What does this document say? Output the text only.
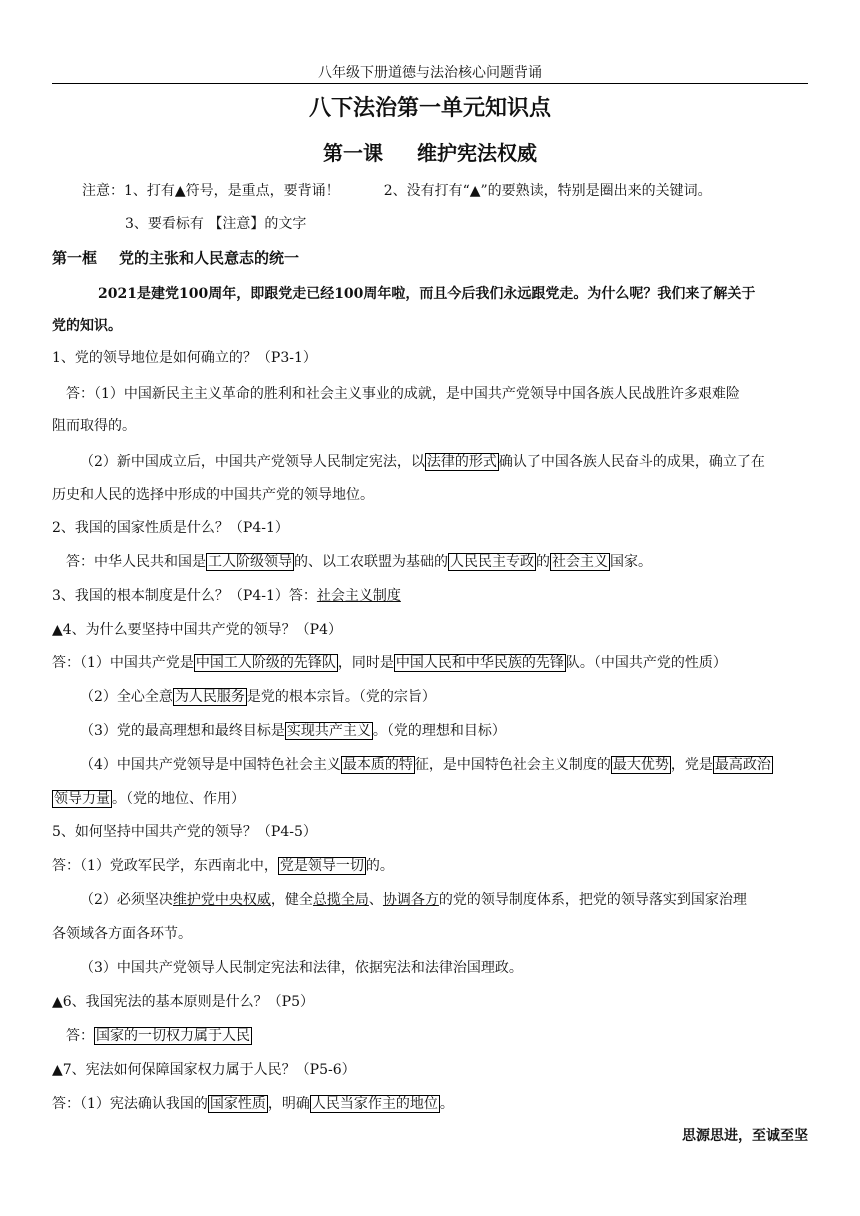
八年级下册道德与法治核心问题背诵
八下法治第一单元知识点
第一课 维护宪法权威
注意：1、打有▲符号，是重点，要背诵！	2、没有打有“▲”的要熟读，特别是圈出来的关键词。
3、要看标有 【注意】的文字
第一框 党的主张和人民意志的统一
2021是建党100周年，即跟党走已经100周年啦，而且今后我们永远跟党走。为什么呢？我们来了解关于
党的知识。
1、党的领导地位是如何确立的？（P3-1）
答：（1）中国新民主主义革命的胜利和社会主义事业的成就，是中国共产党领导中国各族人民战胜许多艰难险
阻而取得的。
（2）新中国成立后，中国共产党领导人民制定宪法，以 法律的形式 确认了中国各族人民奋斗的成果，确立了在
历史和人民的选择中形成的中国共产党的领导地位。
2、我国的国家性质是什么？（P4-1）
答：中华人民共和国是 工人阶级领导 的、以工农联盟为基础的 人民民主专政 的 社会主义 国家。
3、我国的根本制度是什么？（P4-1）答：社会主义制度
▲4、为什么要坚持中国共产党的领导？（P4）
答：（1）中国共产党是 中国工人阶级的先锋队 ，同时是 中国人民和中华民族的先锋 队。（中国共产党的性质）
（2）全心全意 为人民服务 是党的根本宗旨。（党的宗旨）
（3）党的最高理想和最终目标是 实现共产主义 。（党的理想和目标）
（4）中国共产党领导是中国特色社会主义 最本质的特 征，是中国特色社会主义制度的 最大优势 ，党是 最高政治
领导力量 。（党的地位、作用）
5、如何坚持中国共产党的领导？（P4-5）
答：（1）党政军民学，东西南北中， 党是领导一切 的。
（2）必须坚决维护党中央权威，健全总揽全局、协调各方的党的领导制度体系，把党的领导落实到国家治理
各领域各方面各环节。
（3）中国共产党领导人民制定宪法和法律，依据宪法和法律治国理政。
▲6、我国宪法的基本原则是什么？（P5）
答： 国家的一切权力属于人民
▲7、宪法如何保障国家权力属于人民？（P5-6）
答：（1）宪法确认我国的 国家性质 ，明确 人民当家作主的地位 。
思源思进，至诚至坚
